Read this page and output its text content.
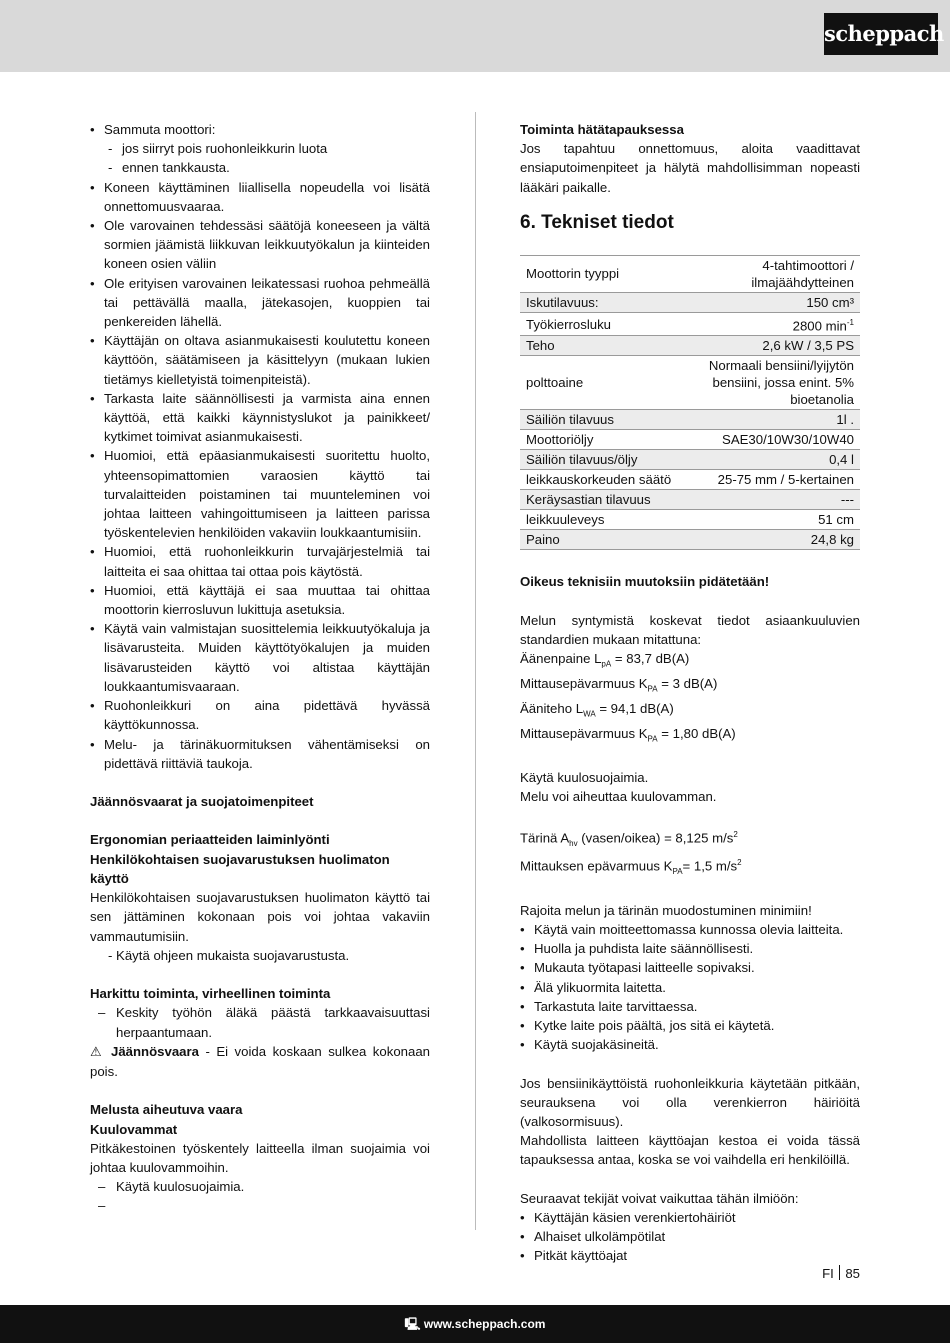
scheppach
• Sammuta moottori:
- jos siirryt pois ruohonleikkurin luota
- ennen tankkausta.
• Koneen käyttäminen liiallisella nopeudella voi lisätä onnettomuusvaaraa.
• Ole varovainen tehdessäsi säätöjä koneeseen ja vältä sormien jäämistä liikkuvan leikkuutyökalun ja kiinteiden koneen osien väliin
• Ole erityisen varovainen leikatessasi ruohoa pehmeällä tai pettävällä maalla, jätekasojen, kuoppien tai penkereiden lähellä.
• Käyttäjän on oltava asianmukaisesti koulutettu koneen käyttöön, säätämiseen ja käsittelyyn (mukaan lukien tietämys kielletyistä toimenpiteistä).
• Tarkasta laite säännöllisesti ja varmista aina ennen käyttöä, että kaikki käynnistyslukot ja painikkeet/ kytkimet toimivat asianmukaisesti.
• Huomioi, että epäasianmukaisesti suoritettu huolto, yhteensopimattomien varaosien käyttö tai turvalaitteiden poistaminen tai muunteleminen voi johtaa laitteen vahingoittumiseen ja laitteen parissa työskentelevien henkilöiden vakaviin loukkaantumisiin.
• Huomioi, että ruohonleikkurin turvajärjestelmiä tai laitteita ei saa ohittaa tai ottaa pois käytöstä.
• Huomioi, että käyttäjä ei saa muuttaa tai ohittaa moottorin kierrosluvun lukittuja asetuksia.
• Käytä vain valmistajan suosittelemia leikkuutyökaluja ja lisävarusteita. Muiden käyttötyökalujen ja muiden lisävarusteiden käyttö voi altistaa käyttäjän loukkaantumisvaaraan.
• Ruohonleikkuri on aina pidettävä hyvässä käyttökunnossa.
• Melu- ja tärinäkuormituksen vähentämiseksi on pidettävä riittäviä taukoja.
Jäännösvaarat ja suojatoimenpiteet
Ergonomian periaatteiden laiminlyönti
Henkilökohtaisen suojavarustuksen huolimaton käyttö
Henkilökohtaisen suojavarustuksen huolimaton käyttö tai sen jättäminen kokonaan pois voi johtaa vakaviin vammautumisiin.
- Käytä ohjeen mukaista suojavarustusta.
Harkittu toiminta, virheellinen toiminta
– Keskity työhön äläkä päästä tarkkaavaisuuttasi herpaantumaan.
⚠ Jäännösvaara - Ei voida koskaan sulkea kokonaan pois.
Melusta aiheutuva vaara
Kuulovammat
Pitkäkestoinen työskentely laitteella ilman suojaimia voi johtaa kuulovammoihin.
– Käytä kuulosuojaimia.
–
Toiminta hätätapauksessa
Jos tapahtuu onnettomuus, aloita vaadittavat ensiaputoimenpiteet ja hälytä mahdollisimman nopeasti lääkäri paikalle.
6. Tekniset tiedot
Moottorin tyyppi	4-tahtimoottori / ilmajäähdytteinen
Iskutilavuus:	150 cm³
Työkierrosluku	2800 $\min^{-1}$
Teho	2,6 kW / 3,5 PS
polttoaine	Normaali bensiini/lyijytön bensiini, jossa enint. 5% bioetanolia
Säiliön tilavuus	1l .
Moottoriöljy	SAE30/10W30/10W40
Säiliön tilavuus/öljy	0,4 l
leikkauskorkeuden säätö	25-75 mm / 5-kertainen
Keräysastian tilavuus	---
leikkuuleveys	51 cm
Paino	24,8 kg
Oikeus teknisiin muutoksiin pidätetään!
Melun syntymistä koskevat tiedot asiaankuuluvien standardien mukaan mitattuna:
Äänenpaine $L_{pA} = 83,7$ dB(A)
Mittausepävarmuus $K_{PA} = 3$ dB(A)
Ääniteho $L_{WA} = 94,1$ dB(A)
Mittausepävarmuus $K_{PA} = 1,80$ dB(A)
Käytä kuulosuojaimia.
Melu voi aiheuttaa kuulovamman.
Tärinä $A_{hv}$ (vasen/oikea) = 8,125 $m/s^2$
Mittauksen epävarmuus $K_{PA}= 1,5$ $m/s^2$
Rajoita melun ja tärinän muodostuminen minimiin!
• Käytä vain moitteettomassa kunnossa olevia laitteita.
• Huolla ja puhdista laite säännöllisesti.
• Mukauta työtapasi laitteelle sopivaksi.
• Älä ylikuormita laitetta.
• Tarkastuta laite tarvittaessa.
• Kytke laite pois päältä, jos sitä ei käytetä.
• Käytä suojakäsineitä.
Jos bensiinikäyttöistä ruohonleikkuria käytetään pitkään, seurauksena voi olla verenkierron häiriöitä (valkosormisuus).
Mahdollista laitteen käyttöajan kestoa ei voida tässä tapauksessa antaa, koska se voi vaihdella eri henkilöillä.
Seuraavat tekijät voivat vaikuttaa tähän ilmiöön:
• Käyttäjän käsien verenkiertohäiriöt
• Alhaiset ulkolämpötilat
• Pitkät käyttöajat
FI 85
🖳 www.scheppach.com
